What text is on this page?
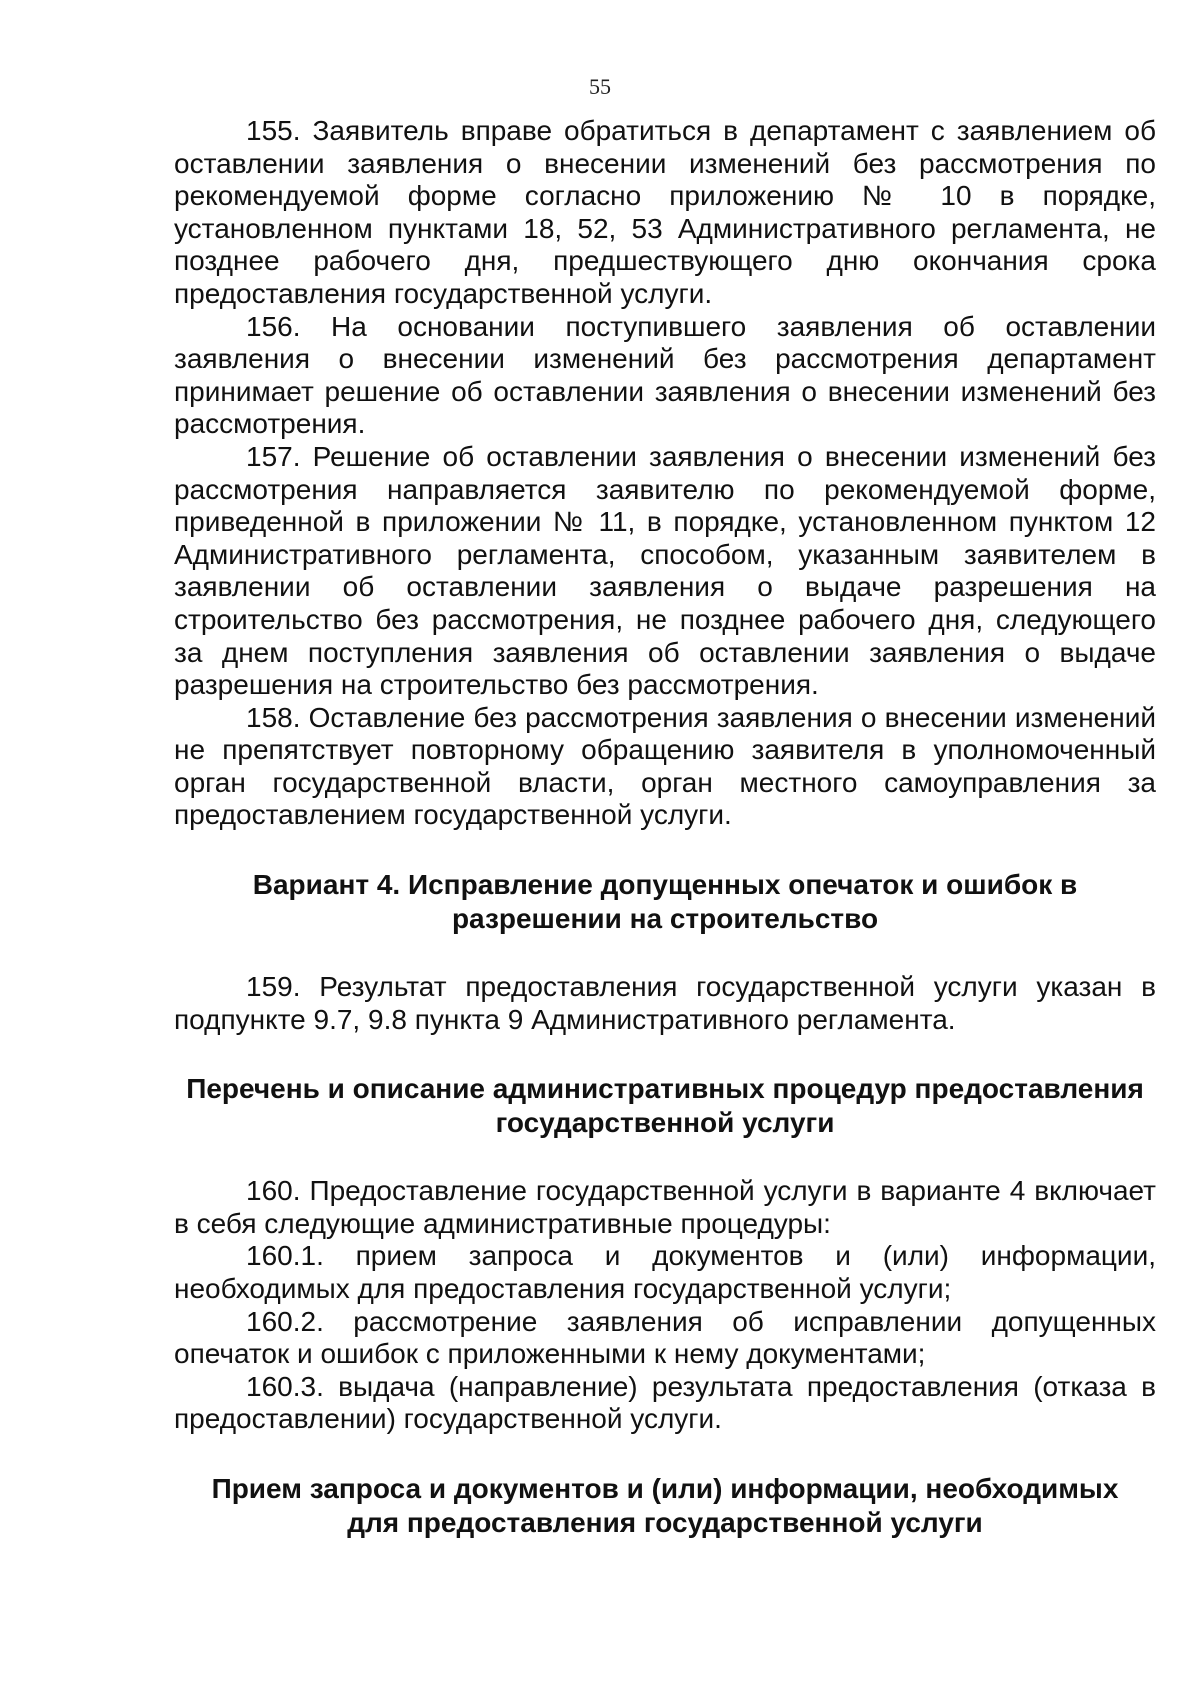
55

155. Заявитель вправе обратиться в департамент с заявлением об оставлении заявления о внесении изменений без рассмотрения по рекомендуемой форме согласно приложению № 10 в порядке, установленном пунктами 18, 52, 53 Административного регламента, не позднее рабочего дня, предшествующего дню окончания срока предоставления государственной услуги.

156. На основании поступившего заявления об оставлении заявления о внесении изменений без рассмотрения департамент принимает решение об оставлении заявления о внесении изменений без рассмотрения.

157. Решение об оставлении заявления о внесении изменений без рассмотрения направляется заявителю по рекомендуемой форме, приведенной в приложении № 11, в порядке, установленном пунктом 12 Административного регламента, способом, указанным заявителем в заявлении об оставлении заявления о выдаче разрешения на строительство без рассмотрения, не позднее рабочего дня, следующего за днем поступления заявления об оставлении заявления о выдаче разрешения на строительство без рассмотрения.

158. Оставление без рассмотрения заявления о внесении изменений не препятствует повторному обращению заявителя в уполномоченный орган государственной власти, орган местного самоуправления за предоставлением государственной услуги.

Вариант 4. Исправление допущенных опечаток и ошибок в
разрешении на строительство

159. Результат предоставления государственной услуги указан в подпункте 9.7, 9.8 пункта 9 Административного регламента.

Перечень и описание административных процедур предоставления
государственной услуги

160. Предоставление государственной услуги в варианте 4 включает в себя следующие административные процедуры:

160.1. прием запроса и документов и (или) информации, необходимых для предоставления государственной услуги;

160.2. рассмотрение заявления об исправлении допущенных опечаток и ошибок с приложенными к нему документами;

160.3. выдача (направление) результата предоставления (отказа в предоставлении) государственной услуги.

Прием запроса и документов и (или) информации, необходимых
для предоставления государственной услуги
